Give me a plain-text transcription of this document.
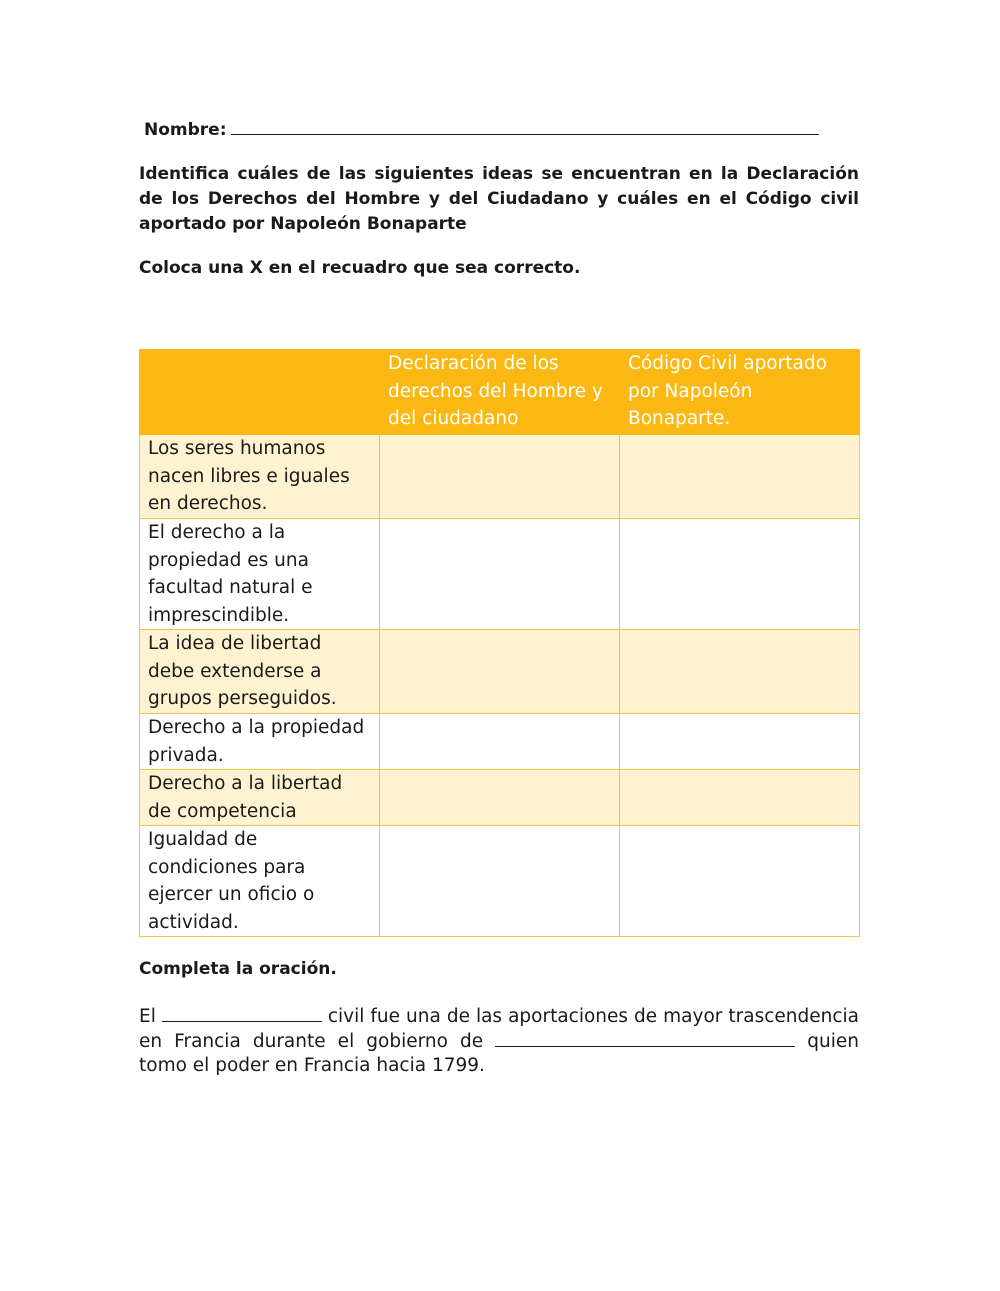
Nombre:

Identifica cuáles de las siguientes ideas se encuentran en la Declaración de los Derechos del Hombre y del Ciudadano y cuáles en el Código civil aportado por Napoleón Bonaparte

Coloca una X en el recuadro que sea correcto.

	Declaración de los derechos del Hombre y del ciudadano	Código Civil aportado por Napoleón Bonaparte.
Los seres humanos nacen libres e iguales en derechos.		
El derecho a la propiedad es una facultad natural e imprescindible.		
La idea de libertad debe extenderse a grupos perseguidos.		
Derecho a la propiedad privada.		
Derecho a la libertad de competencia		
Igualdad de condiciones para ejercer un oficio o actividad.		

Completa la oración.

El	civil fue una de las aportaciones de mayor trascendencia en Francia durante el gobierno de	quien tomo el poder en Francia hacia 1799.
